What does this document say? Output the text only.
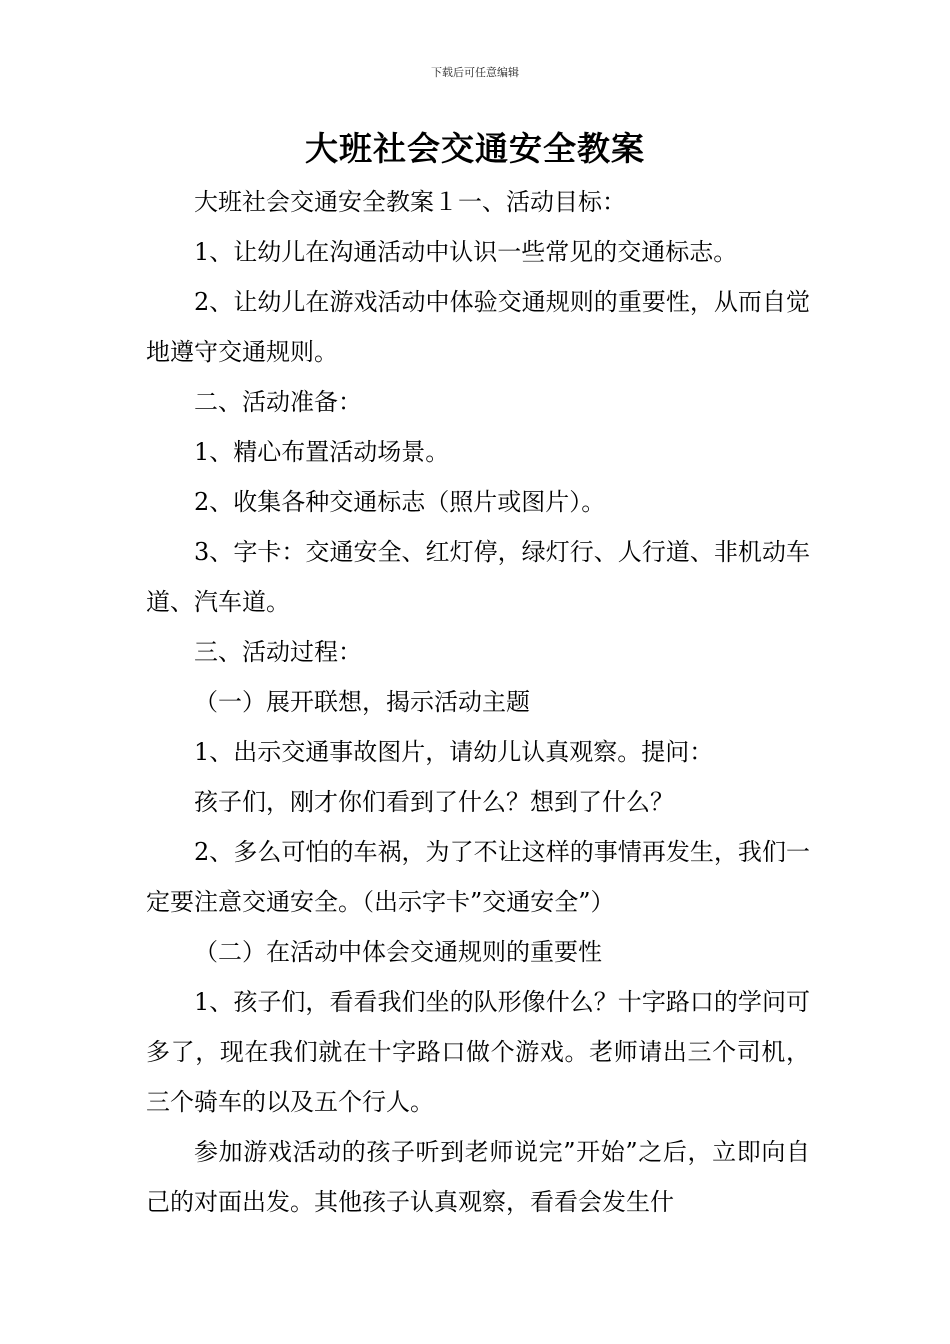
下载后可任意编辑
大班社会交通安全教案

大班社会交通安全教案１一、活动目标：

1、让幼儿在沟通活动中认识一些常见的交通标志。

2、让幼儿在游戏活动中体验交通规则的重要性，从而自觉地遵守交通规则。

二、活动准备：

1、精心布置活动场景。

2、收集各种交通标志（照片或图片）。

3、字卡：交通安全、红灯停，绿灯行、人行道、非机动车道、汽车道。

三、活动过程：

（一）展开联想，揭示活动主题

1、出示交通事故图片，请幼儿认真观察。提问：

孩子们，刚才你们看到了什么？想到了什么？

2、多么可怕的车祸，为了不让这样的事情再发生，我们一定要注意交通安全。（出示字卡”交通安全”）

（二）在活动中体会交通规则的重要性

1、孩子们，看看我们坐的队形像什么？十字路口的学问可多了，现在我们就在十字路口做个游戏。老师请出三个司机，三个骑车的以及五个行人。

参加游戏活动的孩子听到老师说完”开始”之后，立即向自己的对面出发。其他孩子认真观察，看看会发生什
